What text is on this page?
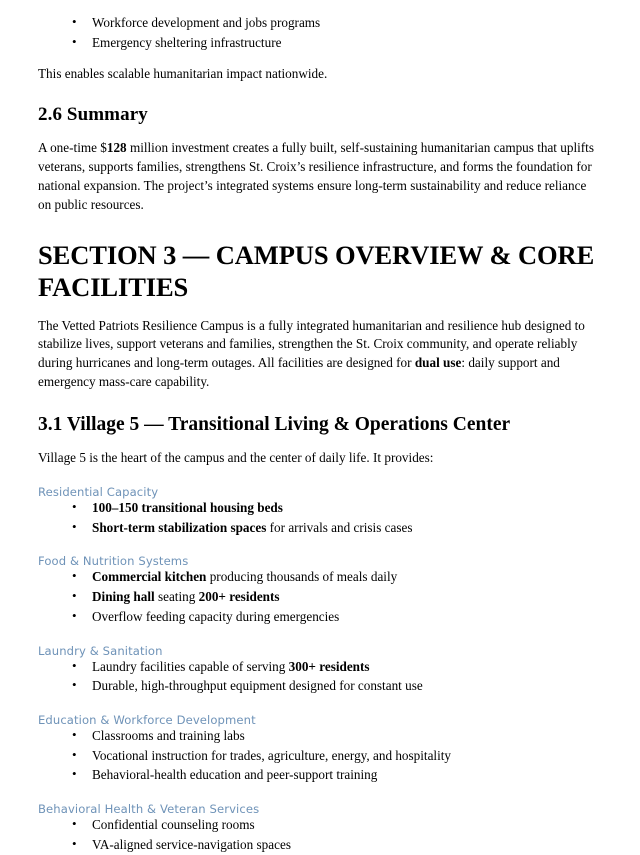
• Workforce development and jobs programs
• Emergency sheltering infrastructure

This enables scalable humanitarian impact nationwide.

2.6 Summary

A one-time $128 million investment creates a fully built, self-sustaining humanitarian campus that uplifts veterans, supports families, strengthens St. Croix’s resilience infrastructure, and forms the foundation for national expansion. The project’s integrated systems ensure long-term sustainability and reduce reliance on public resources.

SECTION 3 — CAMPUS OVERVIEW & CORE FACILITIES

The Vetted Patriots Resilience Campus is a fully integrated humanitarian and resilience hub designed to stabilize lives, support veterans and families, strengthen the St. Croix community, and operate reliably during hurricanes and long-term outages. All facilities are designed for dual use: daily support and emergency mass-care capability.

3.1 Village 5 — Transitional Living & Operations Center

Village 5 is the heart of the campus and the center of daily life. It provides:

Residential Capacity
• 100–150 transitional housing beds
• Short-term stabilization spaces for arrivals and crisis cases
Food & Nutrition Systems
• Commercial kitchen producing thousands of meals daily
• Dining hall seating 200+ residents
• Overflow feeding capacity during emergencies
Laundry & Sanitation
• Laundry facilities capable of serving 300+ residents
• Durable, high-throughput equipment designed for constant use
Education & Workforce Development
• Classrooms and training labs
• Vocational instruction for trades, agriculture, energy, and hospitality
• Behavioral-health education and peer-support training
Behavioral Health & Veteran Services
• Confidential counseling rooms
• VA-aligned service-navigation spaces
